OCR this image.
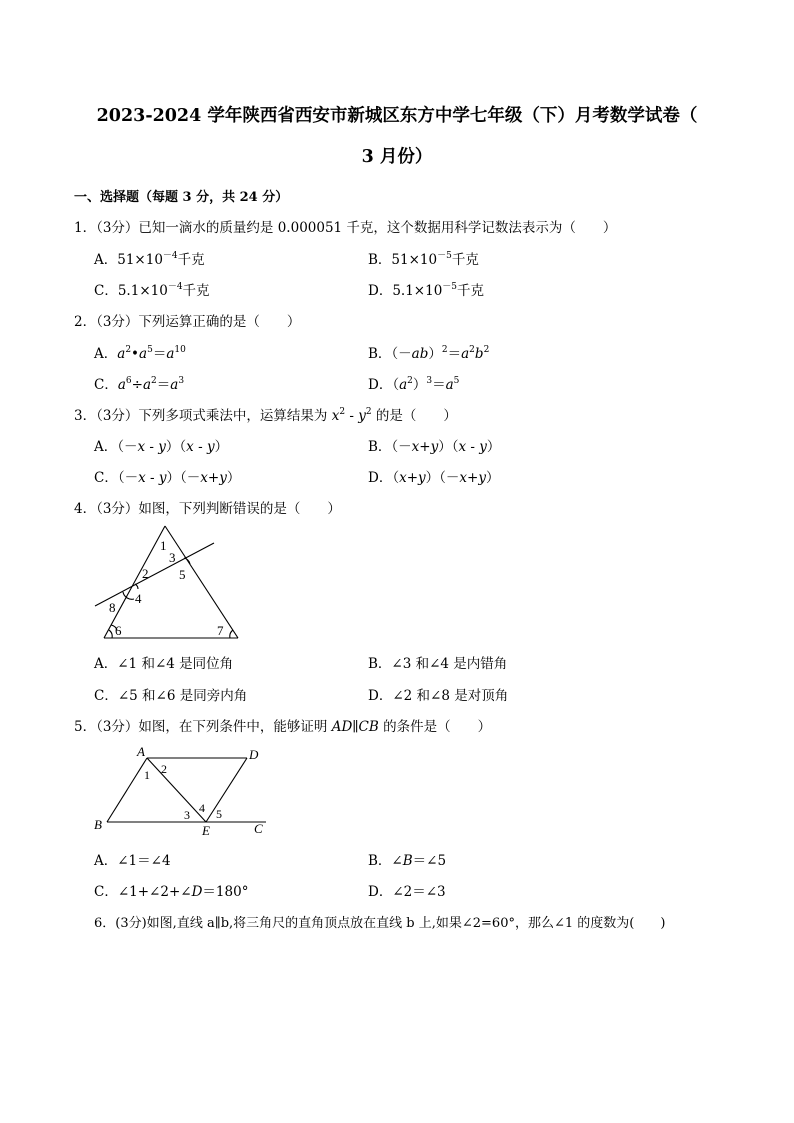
2023-2024 学年陕西省西安市新城区东方中学七年级（下）月考数学试卷（
3 月份）
一、选择题（每题 3 分，共 24 分）
1．（3分）已知一滴水的质量约是 0.000051 千克，这个数据用科学记数法表示为（　　）
A．$51\times 10^{-4}$千克	B．$51\times 10^{-5}$千克
C．$5.1\times 10^{-4}$千克	D．$5.1\times 10^{-5}$千克
2．（3分）下列运算正确的是（　　）
A．$a^2•a^5=a^{10}$	B．$(-ab)^2=a^2b^2$
C．$a^6\div a^2=a^3$	D．$(a^2)^3=a^5$
3．（3分）下列多项式乘法中，运算结果为 $x^2 - y^2$ 的是（　　）
A．（－x - y）（x - y）	B．（－x+y）（x - y）
C．（－x - y）（－x+y）	D．（x+y）（－x+y）
4．（3分）如图，下列判断错误的是（　　）
1
3
5
2
4
8
6	7
A．∠1 和∠4 是同位角	B．∠3 和∠4 是内错角
C．∠5 和∠6 是同旁内角	D．∠2 和∠8 是对顶角
5．（3分）如图，在下列条件中，能够证明 AD∥CB 的条件是（　　）
A	D
B	E	C
1 2
3 4 5
A．∠1＝∠4	B．∠B＝∠5
C．∠1+∠2+∠D＝180°	D．∠2＝∠3
6．(3分)如图,直线 a∥b,将三角尺的直角顶点放在直线 b 上,如果∠2=60°，那么∠1 的度数为(　　)
